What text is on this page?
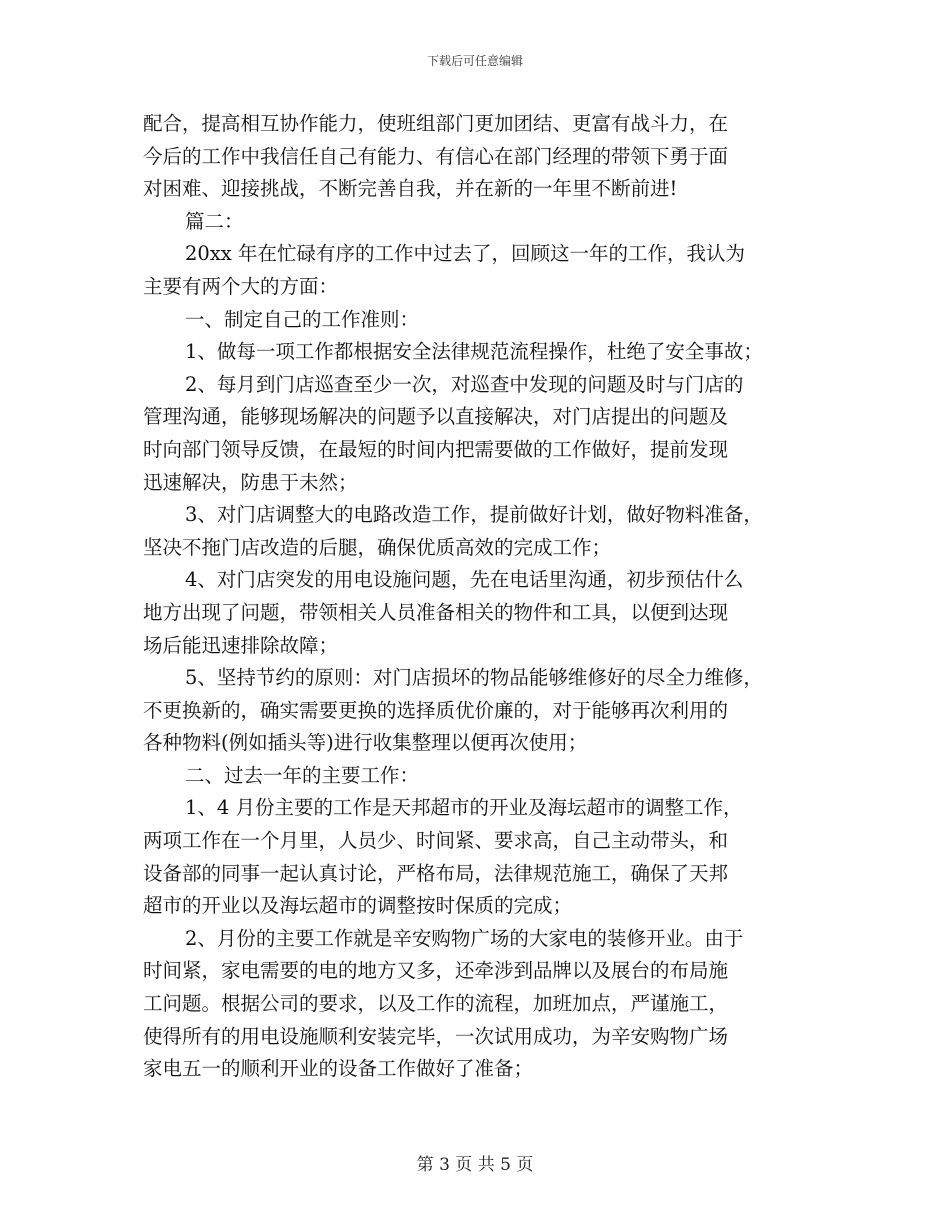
下载后可任意编辑
配合，提高相互协作能力，使班组部门更加团结、更富有战斗力，在
今后的工作中我信任自己有能力、有信心在部门经理的带领下勇于面
对困难、迎接挑战，不断完善自我，并在新的一年里不断前进!
篇二：
20xx 年在忙碌有序的工作中过去了，回顾这一年的工作，我认为
主要有两个大的方面：
一、制定自己的工作准则：
1、做每一项工作都根据安全法律规范流程操作，杜绝了安全事故；
2、每月到门店巡查至少一次，对巡查中发现的问题及时与门店的
管理沟通，能够现场解决的问题予以直接解决，对门店提出的问题及
时向部门领导反馈，在最短的时间内把需要做的工作做好，提前发现
迅速解决，防患于未然；
3、对门店调整大的电路改造工作，提前做好计划，做好物料准备，
坚决不拖门店改造的后腿，确保优质高效的完成工作；
4、对门店突发的用电设施问题，先在电话里沟通，初步预估什么
地方出现了问题，带领相关人员准备相关的物件和工具，以便到达现
场后能迅速排除故障；
5、坚持节约的原则：对门店损坏的物品能够维修好的尽全力维修，
不更换新的，确实需要更换的选择质优价廉的，对于能够再次利用的
各种物料(例如插头等)进行收集整理以便再次使用；
二、过去一年的主要工作：
1、4 月份主要的工作是天邦超市的开业及海坛超市的调整工作，
两项工作在一个月里，人员少、时间紧、要求高，自己主动带头，和
设备部的同事一起认真讨论，严格布局，法律规范施工，确保了天邦
超市的开业以及海坛超市的调整按时保质的完成；
2、月份的主要工作就是辛安购物广场的大家电的装修开业。由于
时间紧，家电需要的电的地方又多，还牵涉到品牌以及展台的布局施
工问题。根据公司的要求，以及工作的流程，加班加点，严谨施工，
使得所有的用电设施顺利安装完毕，一次试用成功，为辛安购物广场
家电五一的顺利开业的设备工作做好了准备；
第 3 页 共 5 页
